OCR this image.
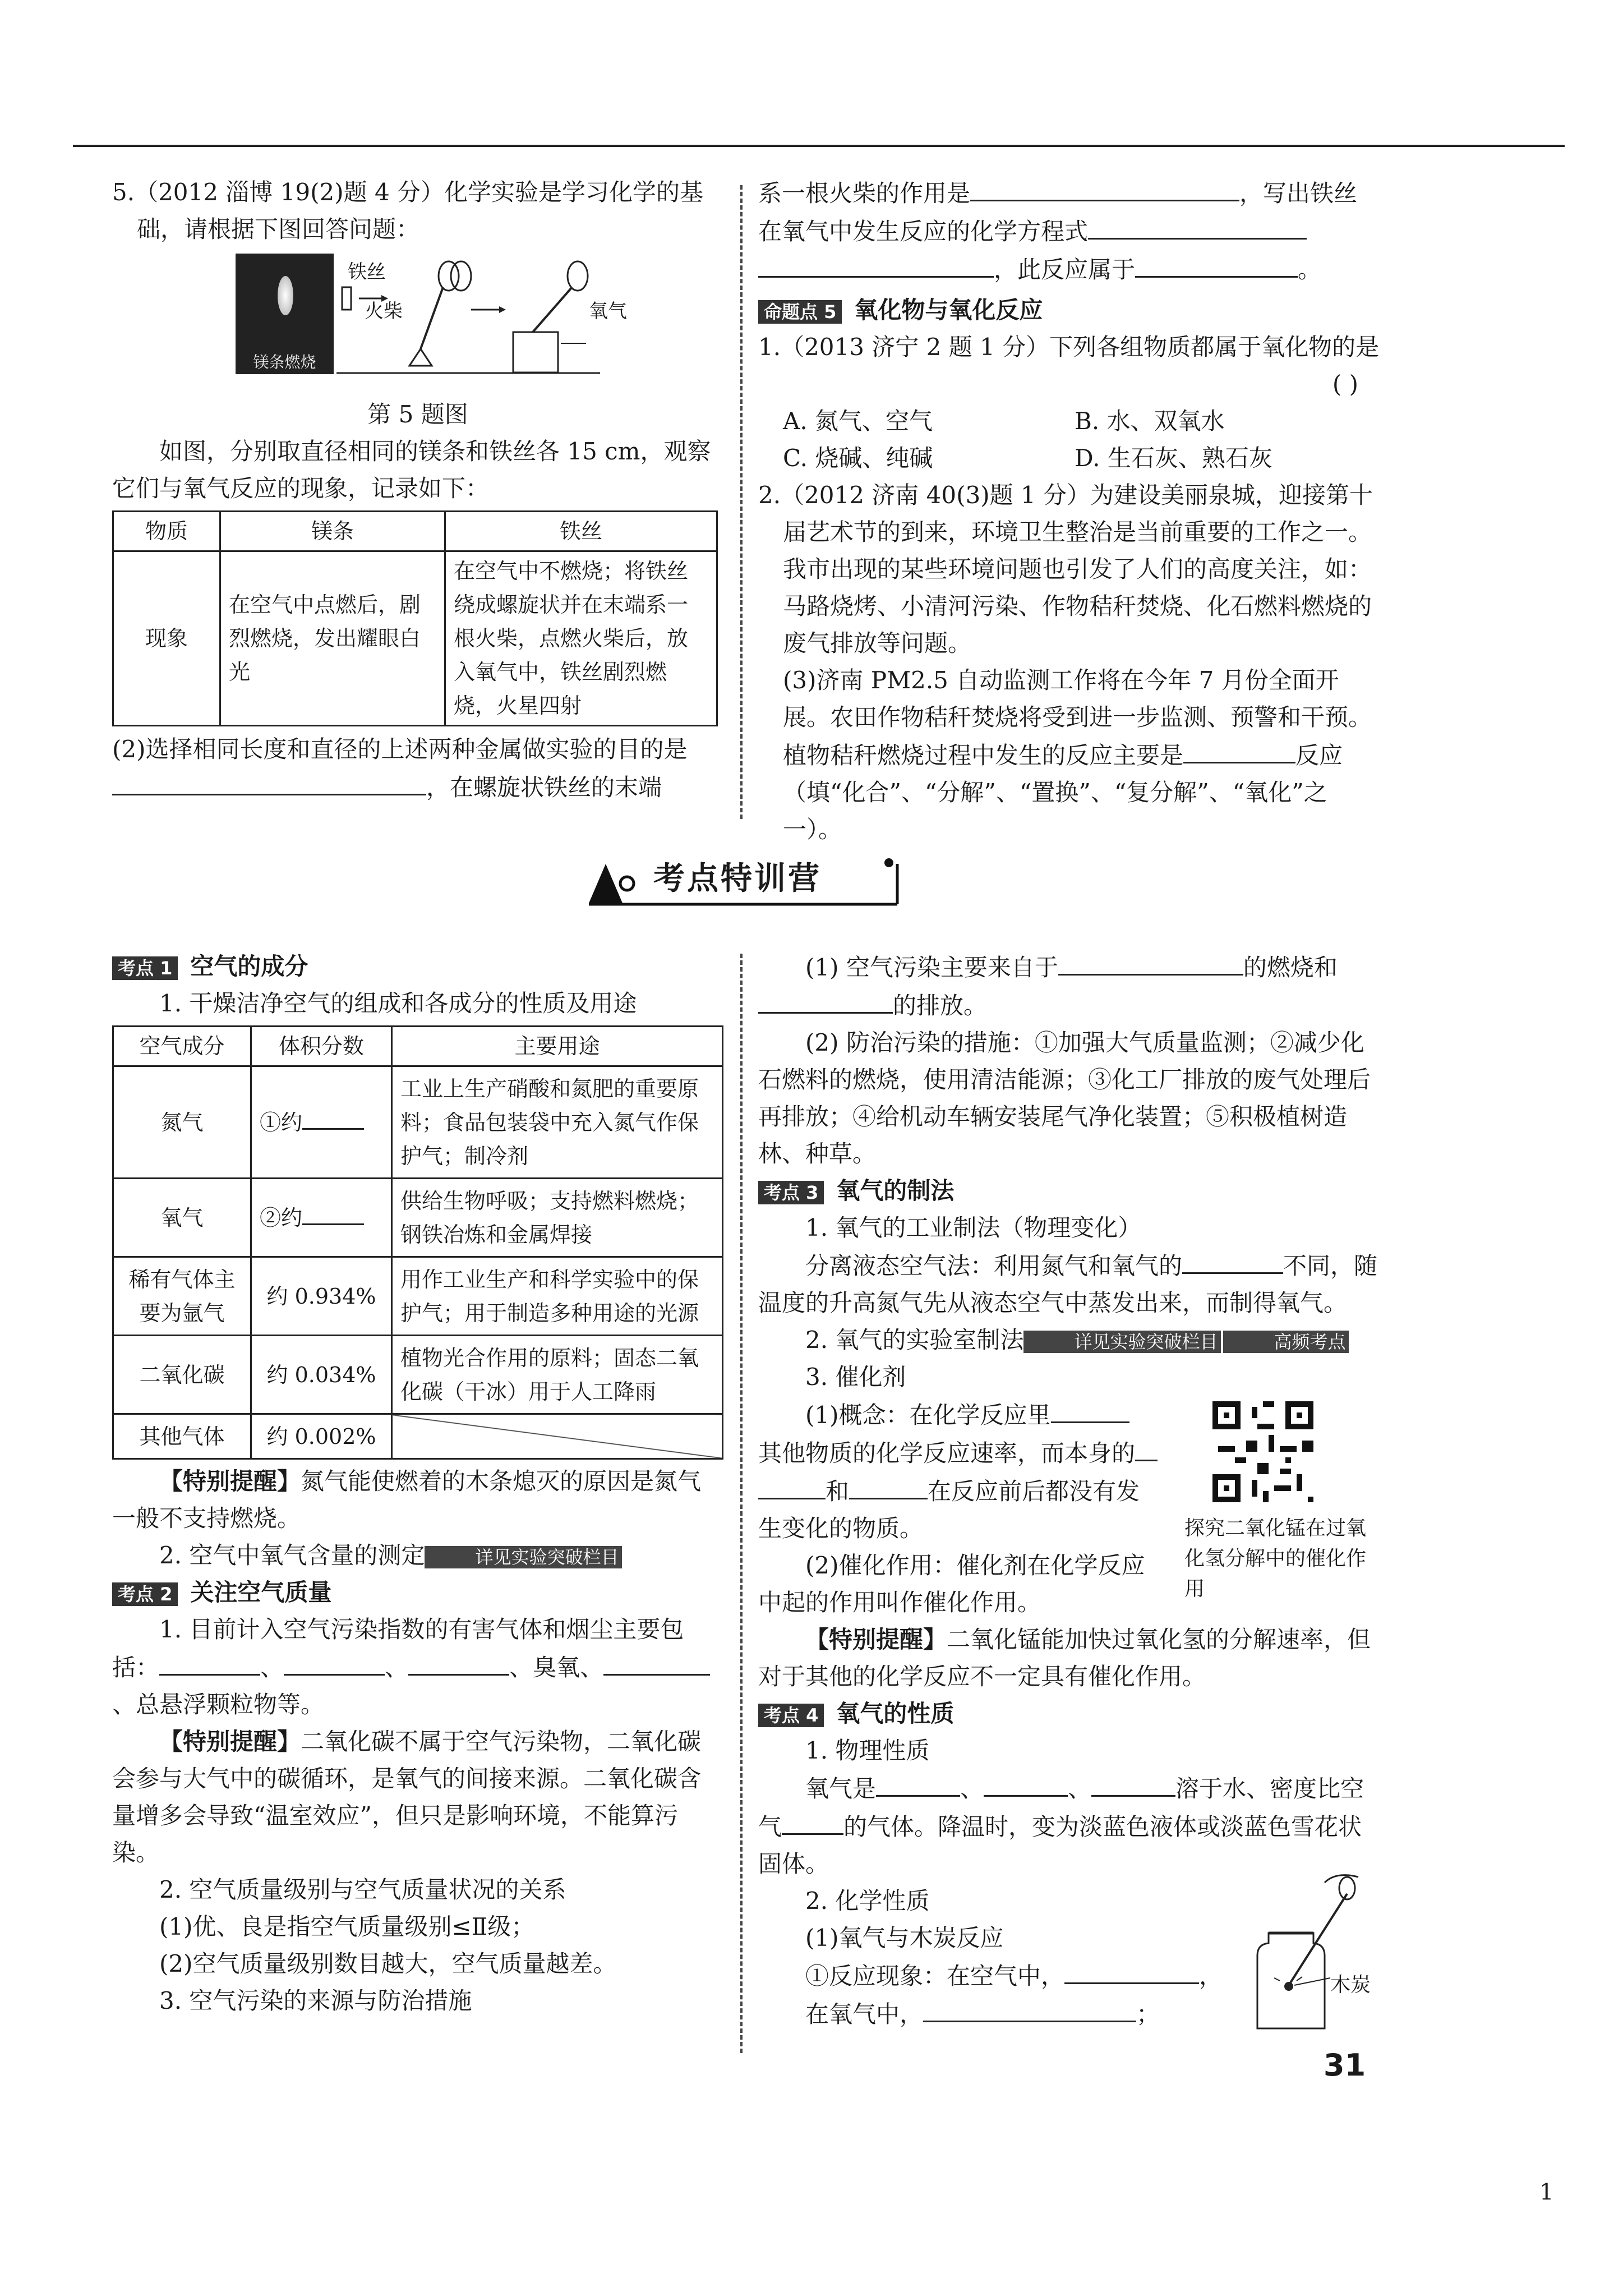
5.（2012 淄博 19(2)题 4 分）化学实验是学习化学的基础，请根据下图回答问题：

镁条燃烧
铁丝
火柴	氧气

第 5 题图

如图，分别取直径相同的镁条和铁丝各 15 cm，观察它们与氧气反应的现象，记录如下：

物质	镁条	铁丝
现象	在空气中点燃后，剧烈燃烧，发出耀眼白光	在空气中不燃烧；将铁丝绕成螺旋状并在末端系一根火柴，点燃火柴后，放入氧气中，铁丝剧烈燃烧，火星四射

(2)选择相同长度和直径的上述两种金属做实验的目的是，在螺旋状铁丝的末端

系一根火柴的作用是	，写出铁丝在氧气中发生反应的化学方程式

，此反应属于	。

命题点 5 氧化物与氧化反应

1.（2013 济宁 2 题 1 分）下列各组物质都属于氧化物的是

( )

A. 氮气、空气	B. 水、双氧水

C. 烧碱、纯碱	D. 生石灰、熟石灰

2.（2012 济南 40(3)题 1 分）为建设美丽泉城，迎接第十届艺术节的到来，环境卫生整治是当前重要的工作之一。我市出现的某些环境问题也引发了人们的高度关注，如：马路烧烤、小清河污染、作物秸秆焚烧、化石燃料燃烧的废气排放等问题。

(3)济南 PM2.5 自动监测工作将在今年 7 月份全面开展。农田作物秸秆焚烧将受到进一步监测、预警和干预。植物秸秆燃烧过程中发生的反应主要是	反应（填“化合”、“分解”、“置换”、“复分解”、“氧化”之一）。

考点特训营

考点 1 空气的成分

1. 干燥洁净空气的组成和各成分的性质及用途

空气成分	体积分数	主要用途
氮气	①约	工业上生产硝酸和氮肥的重要原料；食品包装袋中充入氮气作保护气；制冷剂
氧气	②约	供给生物呼吸；支持燃料燃烧；钢铁冶炼和金属焊接
稀有气体主要为氩气	约 0.934%	用作工业生产和科学实验中的保护气；用于制造多种用途的光源
二氧化碳	约 0.034%	植物光合作用的原料；固态二氧化碳（干冰）用于人工降雨
其他气体	约 0.002%	

【特别提醒】氮气能使燃着的木条熄灭的原因是氮气一般不支持燃烧。

2. 空气中氧气含量的测定	详见实验突破栏目

考点 2 关注空气质量

1. 目前计入空气污染指数的有害气体和烟尘主要包括：	、	、	、臭氧、、总悬浮颗粒物等。

【特别提醒】二氧化碳不属于空气污染物，二氧化碳会参与大气中的碳循环，是氧气的间接来源。二氧化碳含量增多会导致“温室效应”，但只是影响环境，不能算污染。

2. 空气质量级别与空气质量状况的关系

(1)优、良是指空气质量级别≤Ⅱ级；

(2)空气质量级别数目越大，空气质量越差。

3. 空气污染的来源与防治措施

(1) 空气污染主要来自于	的燃烧和

的排放。

(2) 防治污染的措施：①加强大气质量监测；②减少化石燃料的燃烧，使用清洁能源；③化工厂排放的废气处理后再排放；④给机动车辆安装尾气净化装置；⑤积极植树造林、种草。

考点 3 氧气的制法

1. 氧气的工业制法（物理变化）

分离液态空气法：利用氮气和氧气的	不同，随温度的升高氮气先从液态空气中蒸发出来，而制得氧气。

2. 氧气的实验室制法	详见实验突破栏目	高频考点

3. 催化剂

(1)概念：在化学反应里

其他物质的化学反应速率，而本身的

和	在反应前后都没有发生变化的物质。

(2)催化作用：催化剂在化学反应中起的作用叫作催化作用。

探究二氧化锰在过氧化氢分解中的催化作用

【特别提醒】二氧化锰能加快过氧化氢的分解速率，但对于其他的化学反应不一定具有催化作用。

考点 4 氧气的性质

1. 物理性质

氧气是	、	、	溶于水、密度比空气	的气体。降温时，变为淡蓝色液体或淡蓝色雪花状固体。

2. 化学性质

(1)氧气与木炭反应

①反应现象：在空气中，	，

在氧气中，	；

木炭
31
1
